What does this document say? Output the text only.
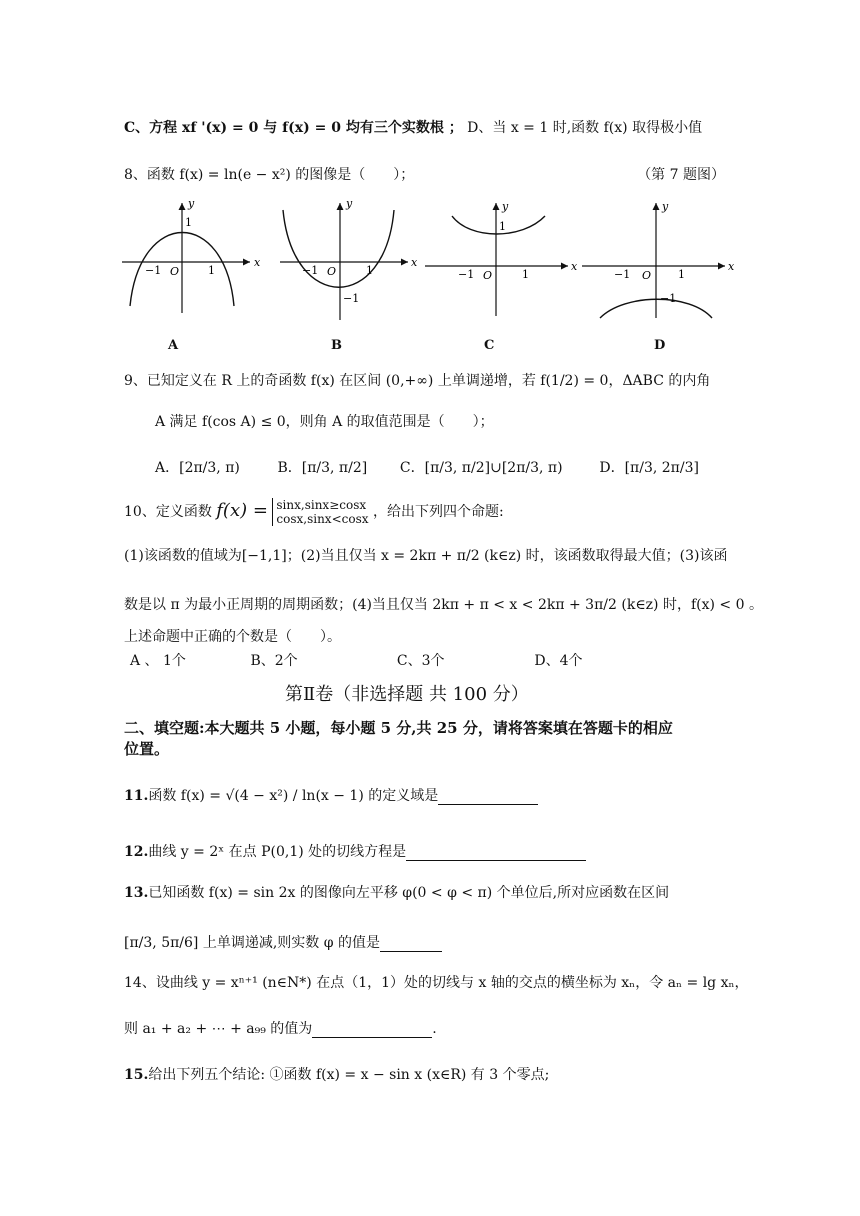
C、方程 xf '(x) = 0 与 f(x) = 0 均有三个实数根 ； D、当 x = 1 时,函数 f(x) 取得极小值
8、函数 f(x) = ln(e − x²) 的图像是（　　）；	（第 7 题图）
x
y
−1 O	1
1
x
y
−1 O	1
−1
x
y
−1 O	1
1
x
y
−1 O 1
−1
A	B	C	D
9、已知定义在 R 上的奇函数 f(x) 在区间 (0,+∞) 上单调递增，若 f(1/2) = 0，ΔABC 的内角
A 满足 f(cos A) ≤ 0，则角 A 的取值范围是（　　）；
A．[2π/3, π)	B．[π/3, π/2] C．[π/3, π/2]∪[2π/3, π)	D．[π/3, 2π/3]
10、定义函数 f(x) = sinx,sinx≥cosx
cosx,sinx<cosx ，给出下列四个命题:
(1)该函数的值域为[−1,1]；(2)当且仅当 x = 2kπ + π/2 (k∈z) 时，该函数取得最大值；(3)该函
数是以 π 为最小正周期的周期函数；(4)当且仅当 2kπ + π < x < 2kπ + 3π/2 (k∈z) 时，f(x) < 0 。
上述命题中正确的个数是（　　）。
A 、 1个	B、2个	C、3个	D、4个
第Ⅱ卷（非选择题 共 100 分）
二、填空题:本大题共 5 小题，每小题 5 分,共 25 分，请将答案填在答题卡的相应
位置。
11.函数 f(x) = √(4 − x²) / ln(x − 1) 的定义域是
12.曲线 y = 2ˣ 在点 P(0,1) 处的切线方程是
13.已知函数 f(x) = sin 2x 的图像向左平移 φ(0 < φ < π) 个单位后,所对应函数在区间
[π/3, 5π/6] 上单调递减,则实数 φ 的值是
14、设曲线 y = xⁿ⁺¹ (n∈N*) 在点（1，1）处的切线与 x 轴的交点的横坐标为 xₙ，令 aₙ = lg xₙ，
则 a₁ + a₂ + ⋯ + a₉₉ 的值为	.
15.给出下列五个结论: ①函数 f(x) = x − sin x (x∈R) 有 3 个零点;
